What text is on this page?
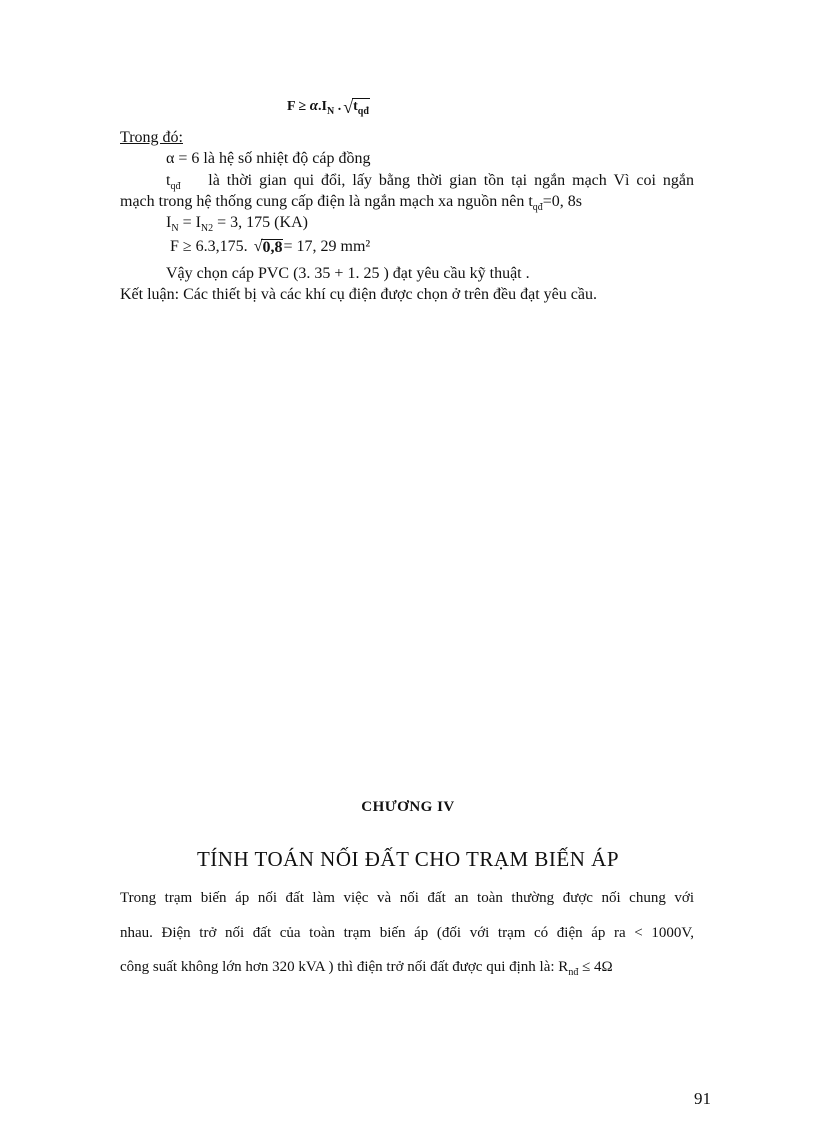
$F \ge \alpha.I_N$ . $√t_{qđ}$
Trong đó:
α = 6 là hệ số nhiệt độ cáp đồng
$t_{qđ}$ là thời gian qui đổi, lấy bằng thời gian tồn tại ngắn mạch Vì coi ngắn
mạch trong hệ thống cung cấp điện là ngắn mạch xa nguồn nên $t_{qđ}=0$, 8s
$I_N = I_{N2} = 3$, 175 (KA)
F ≥ 6.3,175. √0,8= 17, 29 mm²
Vậy chọn cáp PVC (3. 35 + 1. 25 ) đạt yêu cầu kỹ thuật .
Kết luận: Các thiết bị và các khí cụ điện được chọn ở trên đều đạt yêu cầu.
CHƯƠNG IV
TÍNH TOÁN NỐI ĐẤT CHO TRẠM BIẾN ÁP
Trong trạm biến áp nối đất làm việc và nối đất an toàn thường được nối chung với
nhau. Điện trở nối đất của toàn trạm biến áp (đối với trạm có điện áp ra < 1000V,
công suất không lớn hơn 320 kVA ) thì điện trở nối đất được qui định là: $R_{nđ} \le 4\Omega$
91
